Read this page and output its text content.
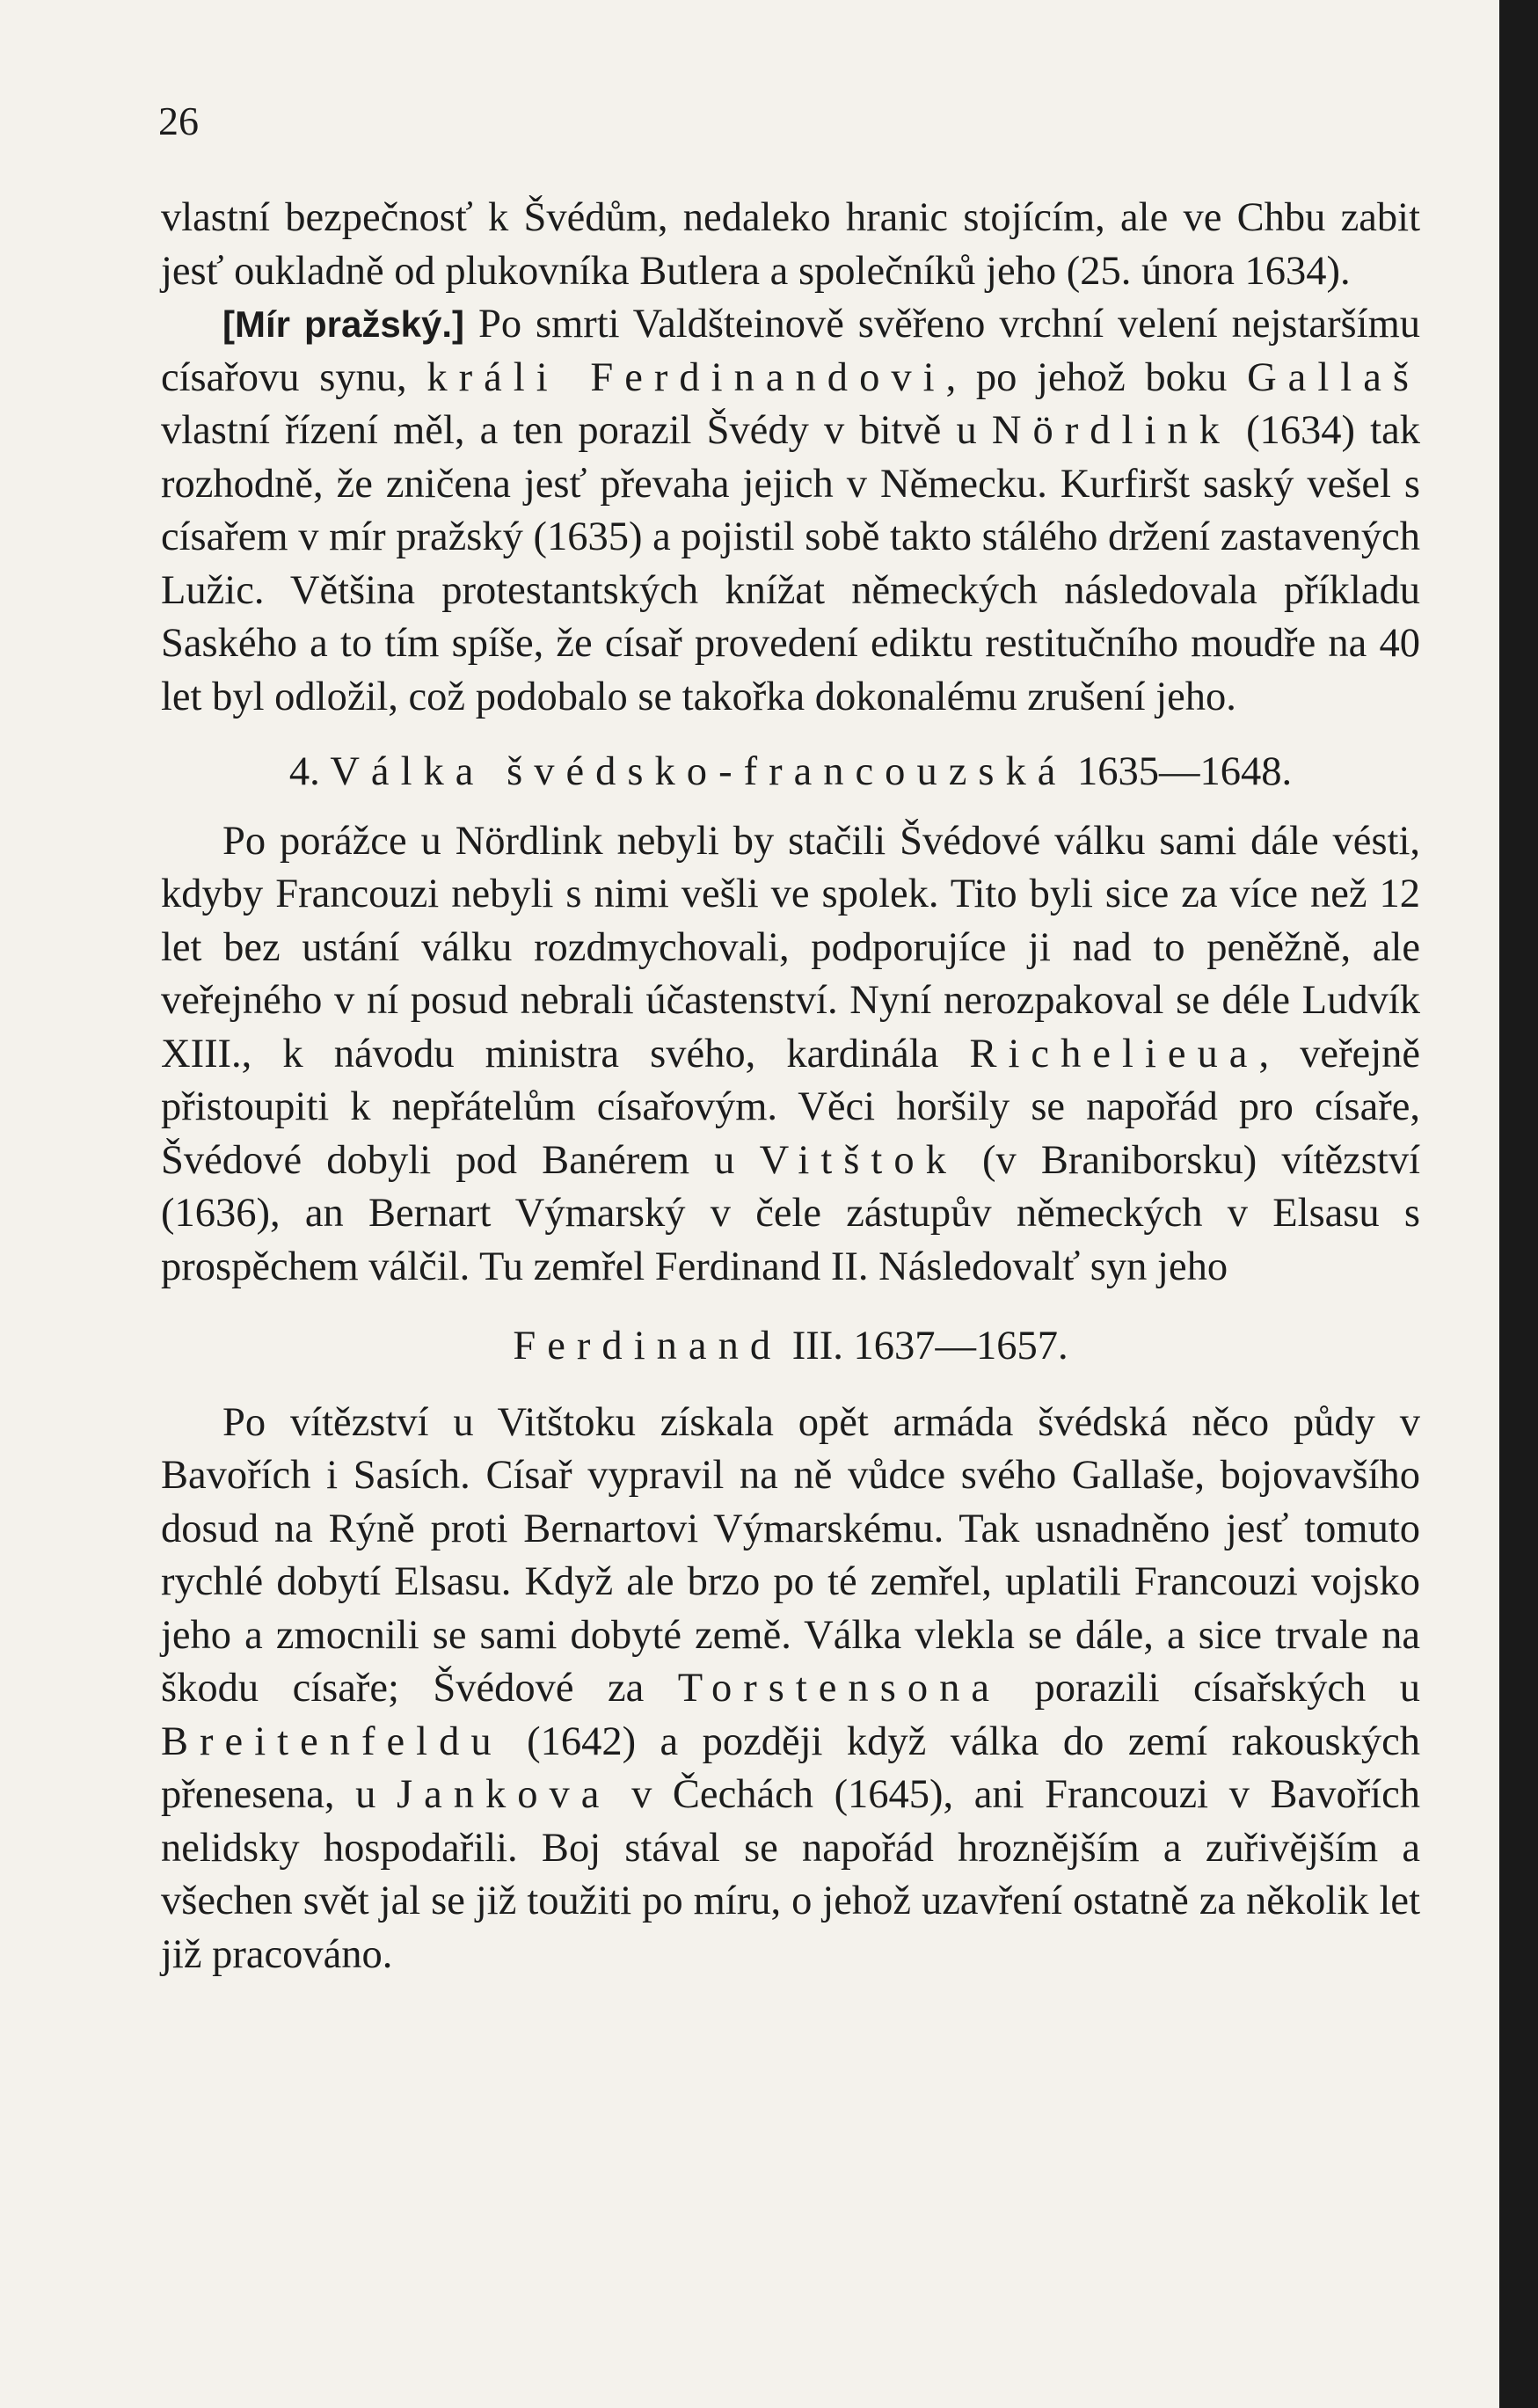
26

vlastní bezpečnosť k Švédům, nedaleko hranic stojícím, ale ve Chbu zabit jesť oukladně od plukovníka Butlera a společníků jeho (25. února 1634).

[Mír pražský.] Po smrti Valdšteinově svěřeno vrchní velení nejstaršímu císařovu synu, králi Ferdinandovi, po jehož boku Gallaš vlastní řízení měl, a ten porazil Švédy v bitvě u Nördlink (1634) tak rozhodně, že zničena jesť převaha jejich v Německu. Kurfiršt saský vešel s císařem v mír pražský (1635) a pojistil sobě takto stálého držení zastavených Lužic. Většina protestantských knížat německých následovala příkladu Saského a to tím spíše, že císař provedení ediktu restitučního moudře na 40 let byl odložil, což podobalo se takořka dokonalému zrušení jeho.

4. Válka švédsko-francouzská 1635—1648.

Po porážce u Nördlink nebyli by stačili Švédové válku sami dále vésti, kdyby Francouzi nebyli s nimi vešli ve spolek. Tito byli sice za více než 12 let bez ustání válku rozdmychovali, podporujíce ji nad to peněžně, ale veřejného v ní posud nebrali účastenství. Nyní nerozpakoval se déle Ludvík XIII., k návodu ministra svého, kardinála Richelieua, veřejně přistoupiti k nepřátelům císařovým. Věci horšily se napořád pro císaře, Švédové dobyli pod Banérem u Vitštok (v Braniborsku) vítězství (1636), an Bernart Výmarský v čele zástupův německých v Elsasu s prospěchem válčil. Tu zemřel Ferdinand II. Následovalť syn jeho

Ferdinand III. 1637—1657.

Po vítězství u Vitštoku získala opět armáda švédská něco půdy v Bavořích i Sasích. Císař vypravil na ně vůdce svého Gallaše, bojovavšího dosud na Rýně proti Bernartovi Výmarskému. Tak usnadněno jesť tomuto rychlé dobytí Elsasu. Když ale brzo po té zemřel, uplatili Francouzi vojsko jeho a zmocnili se sami dobyté země. Válka vlekla se dále, a sice trvale na škodu císaře; Švédové za Torstensona porazili císařských u Breitenfeldu (1642) a později když válka do zemí rakouských přenesena, u Jankova v Čechách (1645), ani Francouzi v Bavořích nelidsky hospodařili. Boj stával se napořád hroznějším a zuřivějším a všechen svět jal se již toužiti po míru, o jehož uzavření ostatně za několik let již pracováno.
